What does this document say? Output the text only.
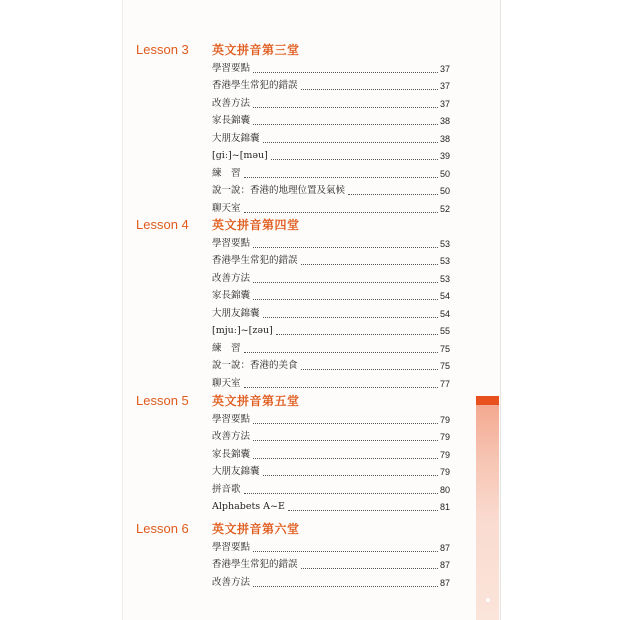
Lesson 3 英文拼音第三堂
學習要點	37
香港學生常犯的錯誤	37
改善方法	37
家長錦囊	38
大朋友錦囊	38
[giː]~[məu]	39
練　習	50
說一說：香港的地理位置及氣候	50
聊天室	52
Lesson 4 英文拼音第四堂
學習要點	53
香港學生常犯的錯誤	53
改善方法	53
家長錦囊	54
大朋友錦囊	54
[mjuː]~[zəu]	55
練　習	75
說一說：香港的美食	75
聊天室	77
Lesson 5 英文拼音第五堂
學習要點	79
改善方法	79
家長錦囊	79
大朋友錦囊	79
拼音歌	80
Alphabets A~E	81
Lesson 6 英文拼音第六堂
學習要點	87
香港學生常犯的錯誤	87
改善方法	87
▪
